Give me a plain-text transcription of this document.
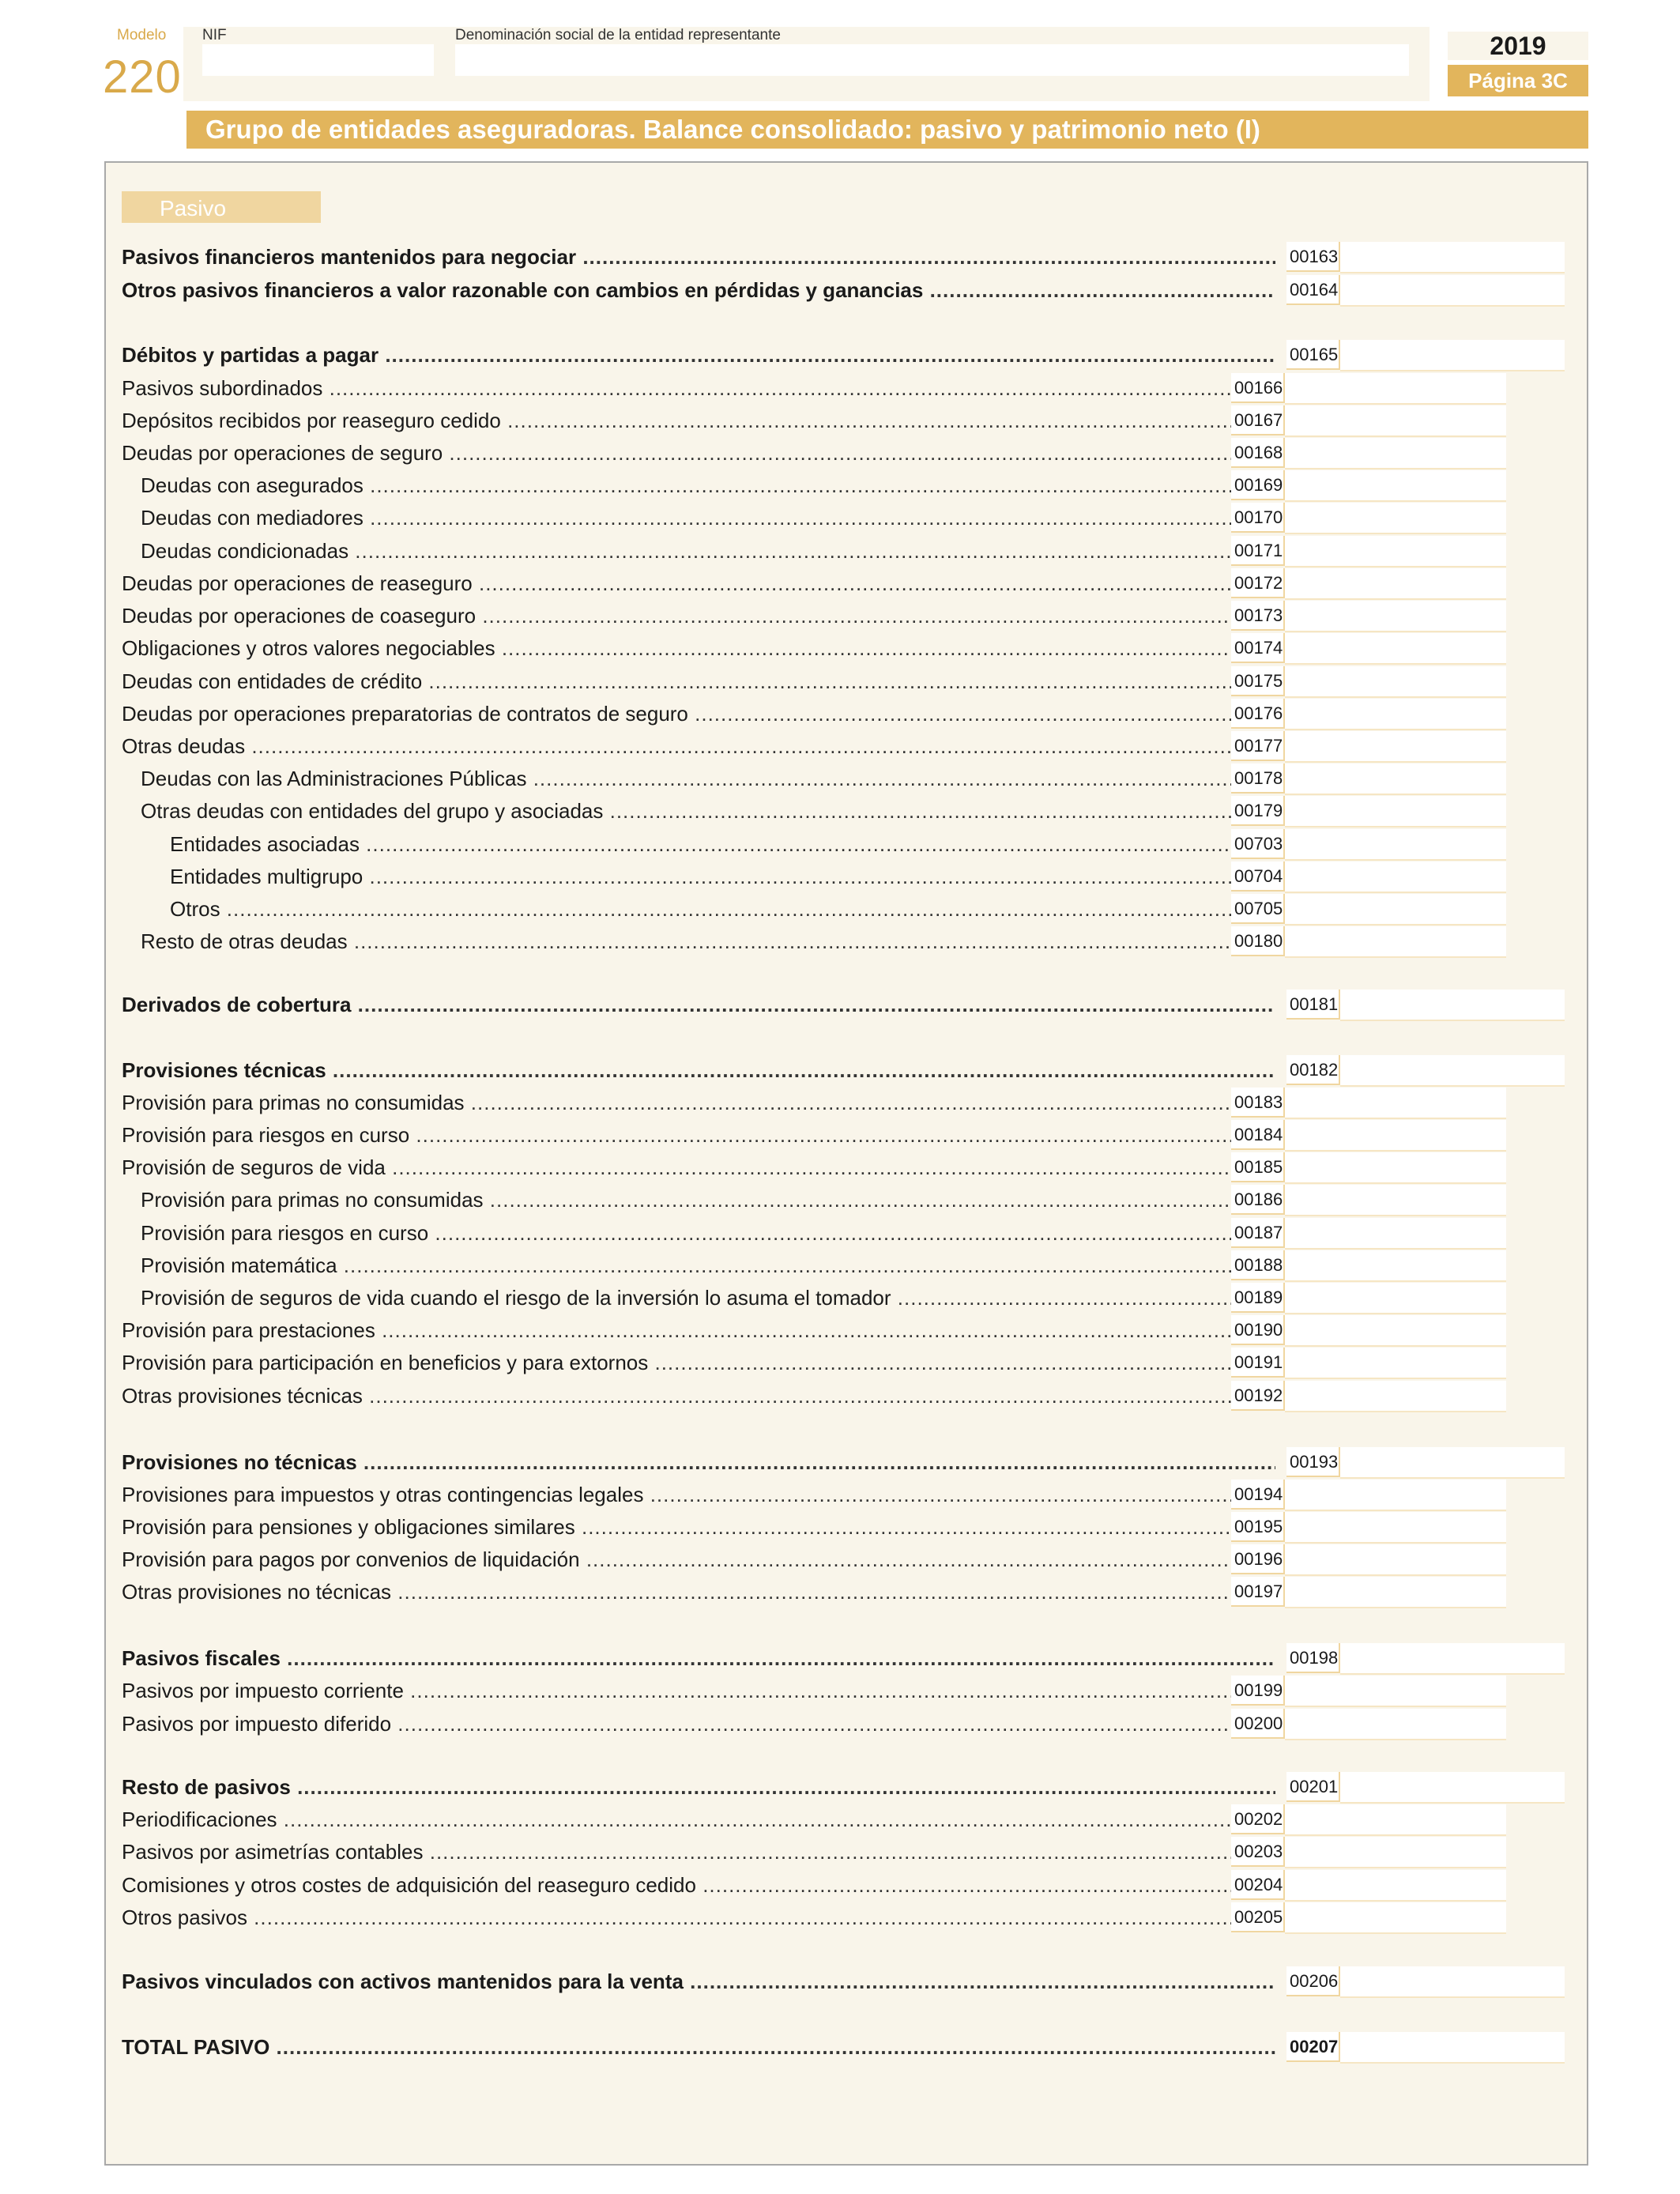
Modelo
220
NIF	Denominación social de la entidad representante	2019
Página 3C
Grupo de entidades aseguradoras. Balance consolidado: pasivo y patrimonio neto (I)
Pasivo
Pasivos financieros mantenidos para negociar .....	00163
Otros pasivos financieros a valor razonable con cambios en pérdidas y ganancias .....	00164
Débitos y partidas a pagar .....	00165
Pasivos subordinados .....	00166
Depósitos recibidos por reaseguro cedido .....	00167
Deudas por operaciones de seguro .....	00168
Deudas con asegurados .....	00169
Deudas con mediadores .....	00170
Deudas condicionadas .....	00171
Deudas por operaciones de reaseguro .....	00172
Deudas por operaciones de coaseguro .....	00173
Obligaciones y otros valores negociables .....	00174
Deudas con entidades de crédito .....	00175
Deudas por operaciones preparatorias de contratos de seguro .....	00176
Otras deudas .....	00177
Deudas con las Administraciones Públicas .....	00178
Otras deudas con entidades del grupo y asociadas .....	00179
Entidades asociadas .....	00703
Entidades multigrupo .....	00704
Otros .....	00705
Resto de otras deudas .....	00180
Derivados de cobertura .....	00181
Provisiones técnicas .....	00182
Provisión para primas no consumidas .....	00183
Provisión para riesgos en curso .....	00184
Provisión de seguros de vida .....	00185
Provisión para primas no consumidas .....	00186
Provisión para riesgos en curso .....	00187
Provisión matemática .....	00188
Provisión de seguros de vida cuando el riesgo de la inversión lo asuma el tomador .....	00189
Provisión para prestaciones .....	00190
Provisión para participación en beneficios y para extornos .....	00191
Otras provisiones técnicas .....	00192
Provisiones no técnicas .....	00193
Provisiones para impuestos y otras contingencias legales .....	00194
Provisión para pensiones y obligaciones similares .....	00195
Provisión para pagos por convenios de liquidación .....	00196
Otras provisiones no técnicas .....	00197
Pasivos fiscales .....	00198
Pasivos por impuesto corriente .....	00199
Pasivos por impuesto diferido .....	00200
Resto de pasivos .....	00201
Periodificaciones .....	00202
Pasivos por asimetrías contables .....	00203
Comisiones y otros costes de adquisición del reaseguro cedido .....	00204
Otros pasivos .....	00205
Pasivos vinculados con activos mantenidos para la venta .....	00206
TOTAL PASIVO .....	00207
